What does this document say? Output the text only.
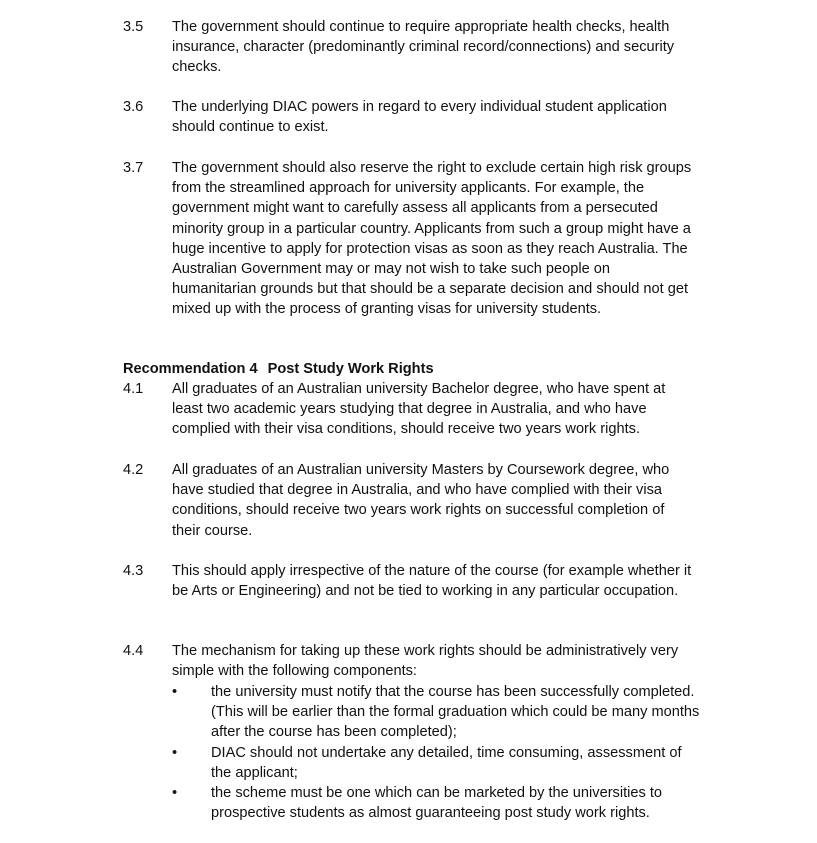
3.5	The government should continue to require appropriate health checks, health insurance, character (predominantly criminal record/connections) and security checks.
3.6	The underlying DIAC powers in regard to every individual student application should continue to exist.
3.7	The government should also reserve the right to exclude certain high risk groups from the streamlined approach for university applicants. For example, the government might want to carefully assess all applicants from a persecuted minority group in a particular country. Applicants from such a group might have a huge incentive to apply for protection visas as soon as they reach Australia. The Australian Government may or may not wish to take such people on humanitarian grounds but that should be a separate decision and should not get mixed up with the process of granting visas for university students.
Recommendation 4 Post Study Work Rights
4.1	All graduates of an Australian university Bachelor degree, who have spent at least two academic years studying that degree in Australia, and who have complied with their visa conditions, should receive two years work rights.
4.2	All graduates of an Australian university Masters by Coursework degree, who have studied that degree in Australia, and who have complied with their visa conditions, should receive two years work rights on successful completion of their course.
4.3	This should apply irrespective of the nature of the course (for example whether it be Arts or Engineering) and not be tied to working in any particular occupation.
4.4	The mechanism for taking up these work rights should be administratively very simple with the following components:
•	the university must notify that the course has been successfully completed. (This will be earlier than the formal graduation which could be many months after the course has been completed);
•	DIAC should not undertake any detailed, time consuming, assessment of the applicant;
•	the scheme must be one which can be marketed by the universities to prospective students as almost guaranteeing post study work rights.
